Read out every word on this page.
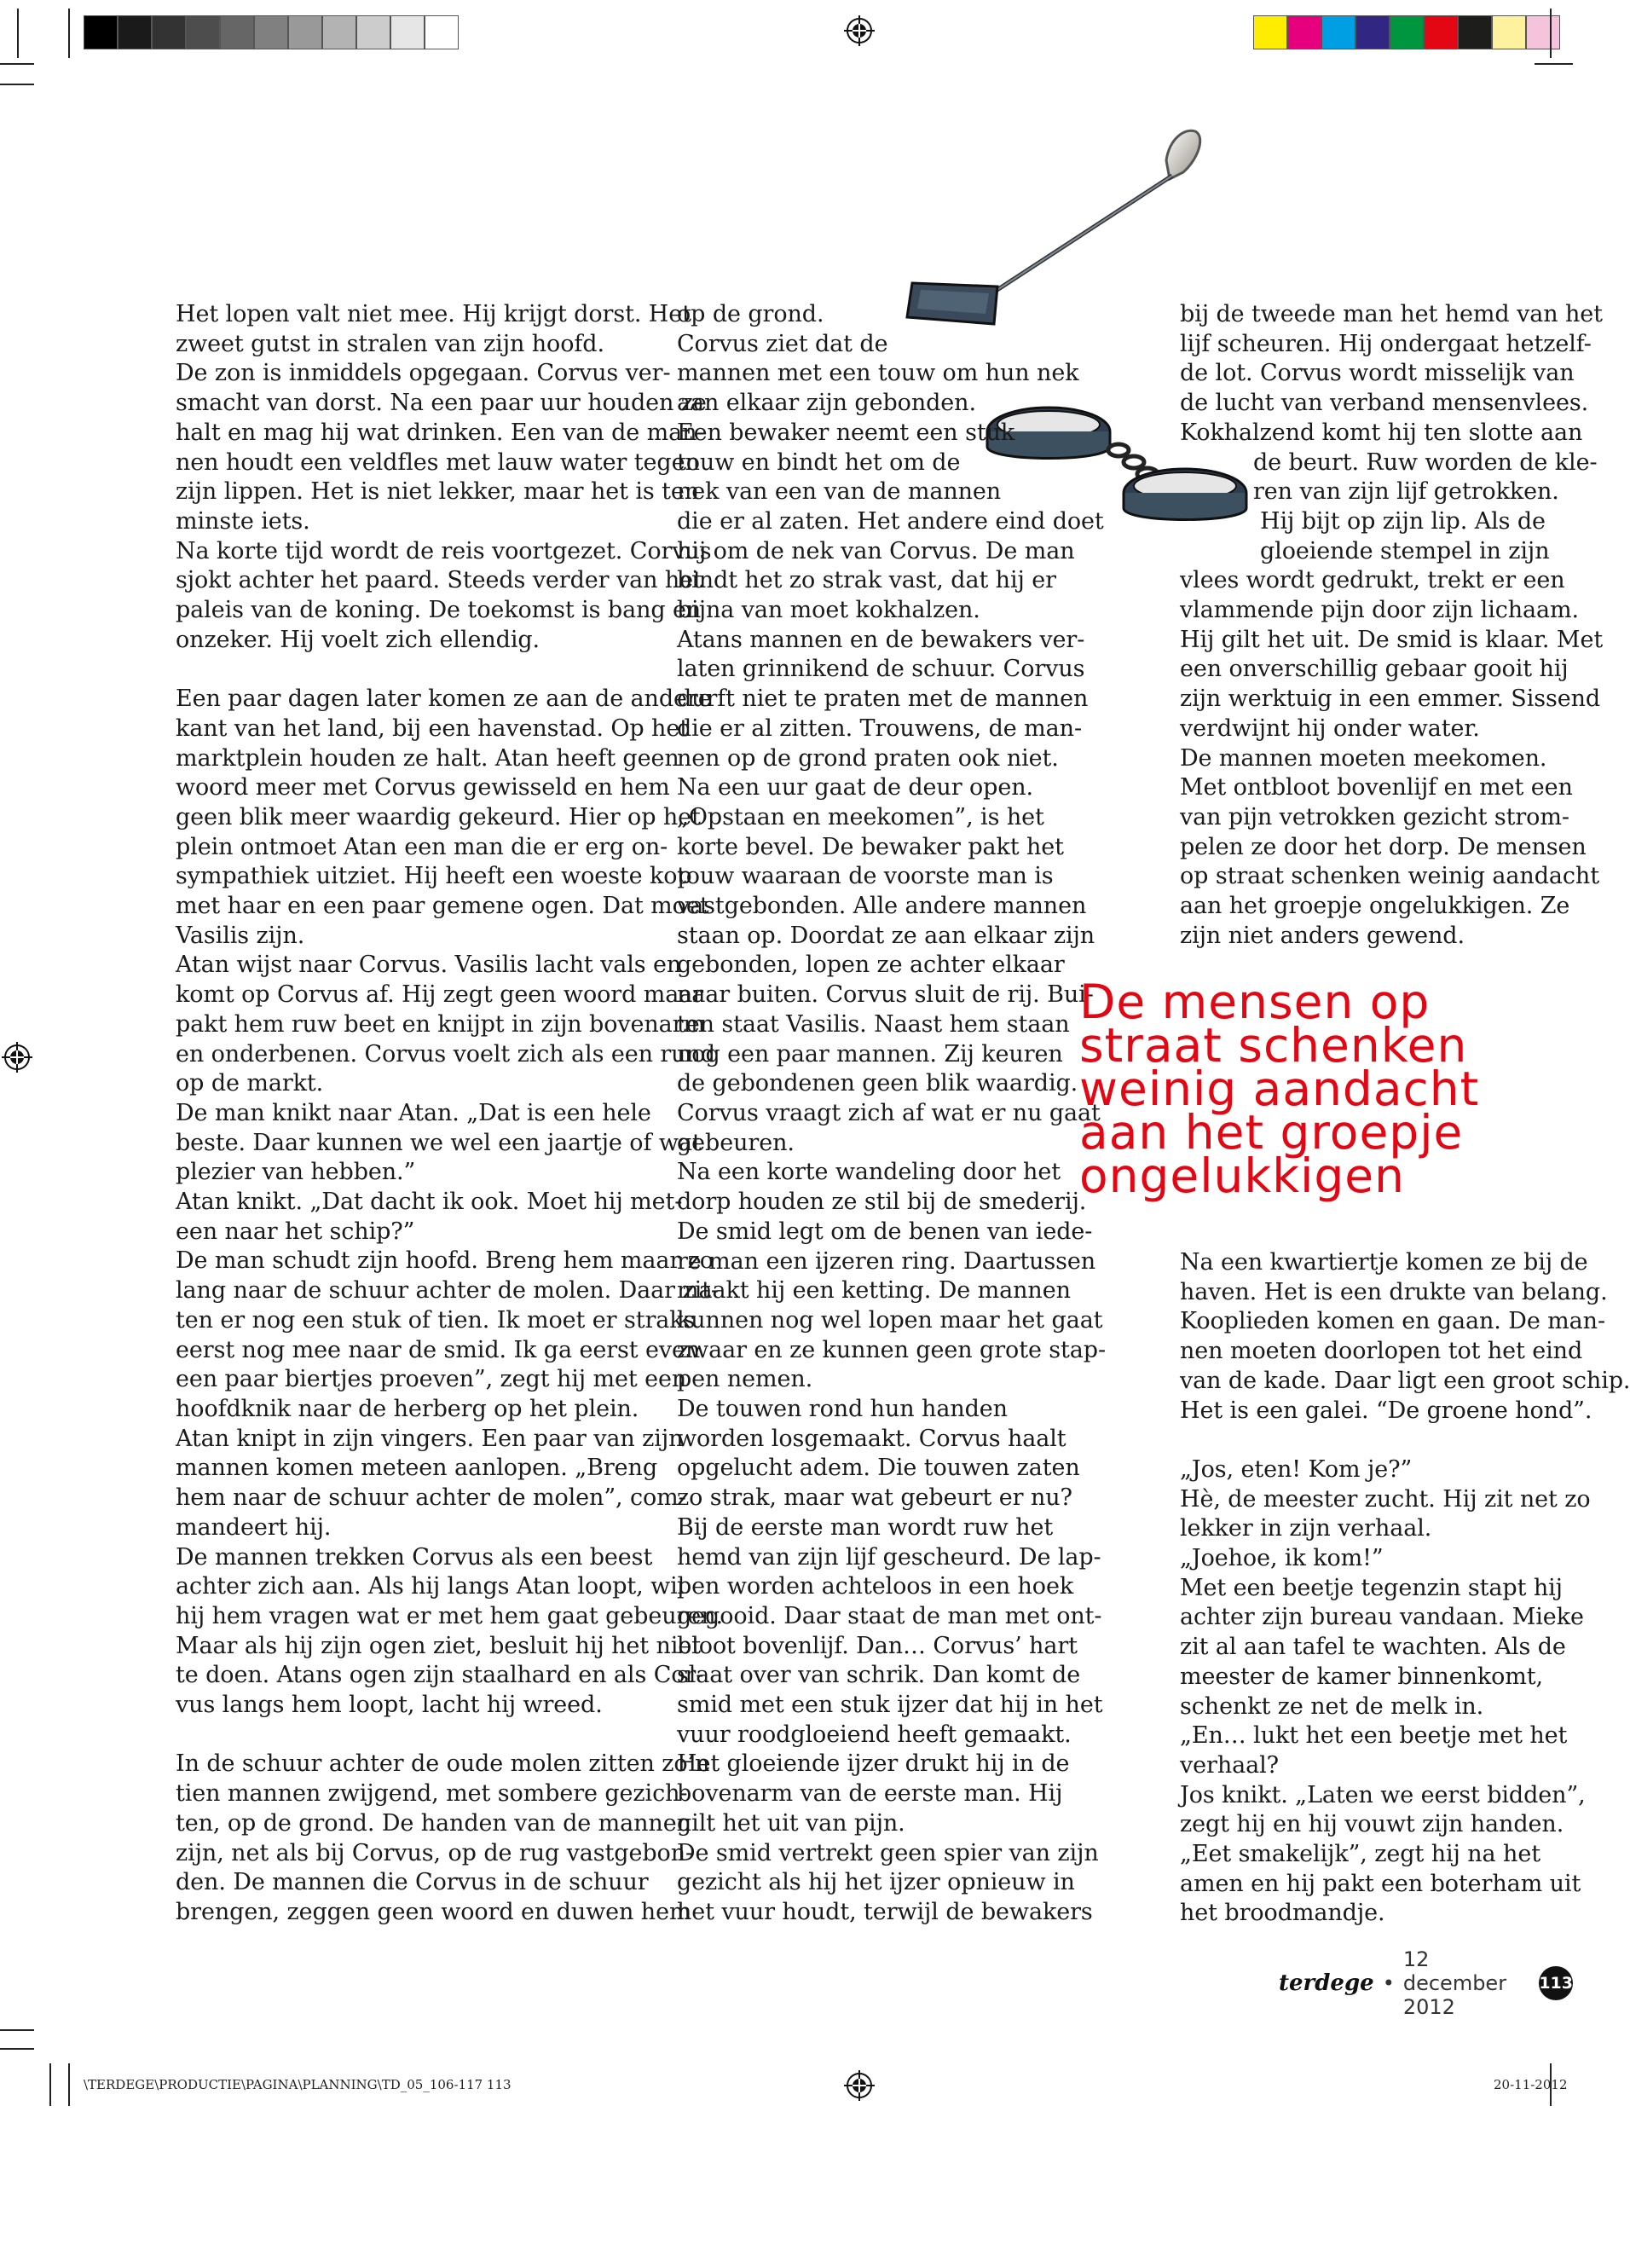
Het lopen valt niet mee. Hij krijgt dorst. Het

zweet gutst in stralen van zijn hoofd.

De zon is inmiddels opgegaan. Corvus ver-

smacht van dorst. Na een paar uur houden ze

halt en mag hij wat drinken. Een van de man-

nen houdt een veldfles met lauw water tegen

zijn lippen. Het is niet lekker, maar het is ten

minste iets.

Na korte tijd wordt de reis voortgezet. Corvus

sjokt achter het paard. Steeds verder van het

paleis van de koning. De toekomst is bang en

onzeker. Hij voelt zich ellendig.

Een paar dagen later komen ze aan de andere

kant van het land, bij een havenstad. Op het

marktplein houden ze halt. Atan heeft geen

woord meer met Corvus gewisseld en hem

geen blik meer waardig gekeurd. Hier op het

plein ontmoet Atan een man die er erg on-

sympathiek uitziet. Hij heeft een woeste kop

met haar en een paar gemene ogen. Dat moet

Vasilis zijn.

Atan wijst naar Corvus. Vasilis lacht vals en

komt op Corvus af. Hij zegt geen woord maar

pakt hem ruw beet en knijpt in zijn bovenarm

en onderbenen. Corvus voelt zich als een rund

op de markt.

De man knikt naar Atan. „Dat is een hele

beste. Daar kunnen we wel een jaartje of wat

plezier van hebben.”

Atan knikt. „Dat dacht ik ook. Moet hij met-

een naar het schip?”

De man schudt zijn hoofd. Breng hem maar zo

lang naar de schuur achter de molen. Daar zit-

ten er nog een stuk of tien. Ik moet er straks

eerst nog mee naar de smid. Ik ga eerst even

een paar biertjes proeven”, zegt hij met een

hoofdknik naar de herberg op het plein.

Atan knipt in zijn vingers. Een paar van zijn

mannen komen meteen aanlopen. „Breng

hem naar de schuur achter de molen”, com-

mandeert hij.

De mannen trekken Corvus als een beest

achter zich aan. Als hij langs Atan loopt, wil

hij hem vragen wat er met hem gaat gebeuren.

Maar als hij zijn ogen ziet, besluit hij het niet

te doen. Atans ogen zijn staalhard en als Cor-

vus langs hem loopt, lacht hij wreed.

In de schuur achter de oude molen zitten zo’n

tien mannen zwijgend, met sombere gezich-

ten, op de grond. De handen van de mannen

zijn, net als bij Corvus, op de rug vastgebon-

den. De mannen die Corvus in de schuur

brengen, zeggen geen woord en duwen hem

op de grond.

Corvus ziet dat de

mannen met een touw om hun nek

aan elkaar zijn gebonden.

Een bewaker neemt een stuk

touw en bindt het om de

nek van een van de mannen

die er al zaten. Het andere eind doet

hij om de nek van Corvus. De man

bindt het zo strak vast, dat hij er

bijna van moet kokhalzen.

Atans mannen en de bewakers ver-

laten grinnikend de schuur. Corvus

durft niet te praten met de mannen

die er al zitten. Trouwens, de man-

nen op de grond praten ook niet.

Na een uur gaat de deur open.

„Opstaan en meekomen”, is het

korte bevel. De bewaker pakt het

touw waaraan de voorste man is

vastgebonden. Alle andere mannen

staan op. Doordat ze aan elkaar zijn

gebonden, lopen ze achter elkaar

naar buiten. Corvus sluit de rij. Bui-

ten staat Vasilis. Naast hem staan

nog een paar mannen. Zij keuren

de gebondenen geen blik waardig.

Corvus vraagt zich af wat er nu gaat

gebeuren.

Na een korte wandeling door het

dorp houden ze stil bij de smederij.

De smid legt om de benen van iede-

re man een ijzeren ring. Daartussen

maakt hij een ketting. De mannen

kunnen nog wel lopen maar het gaat

zwaar en ze kunnen geen grote stap-

pen nemen.

De touwen rond hun handen

worden losgemaakt. Corvus haalt

opgelucht adem. Die touwen zaten

zo strak, maar wat gebeurt er nu?

Bij de eerste man wordt ruw het

hemd van zijn lijf gescheurd. De lap-

pen worden achteloos in een hoek

gegooid. Daar staat de man met ont-

bloot bovenlijf. Dan… Corvus’ hart

slaat over van schrik. Dan komt de

smid met een stuk ijzer dat hij in het

vuur roodgloeiend heeft gemaakt.

Het gloeiende ijzer drukt hij in de

bovenarm van de eerste man. Hij

gilt het uit van pijn.

De smid vertrekt geen spier van zijn

gezicht als hij het ijzer opnieuw in

het vuur houdt, terwijl de bewakers

bij de tweede man het hemd van het

lijf scheuren. Hij ondergaat hetzelf-

de lot. Corvus wordt misselijk van

de lucht van verband mensenvlees.

Kokhalzend komt hij ten slotte aan

de beurt. Ruw worden de kle-

ren van zijn lijf getrokken.

Hij bijt op zijn lip. Als de

gloeiende stempel in zijn

vlees wordt gedrukt, trekt er een

vlammende pijn door zijn lichaam.

Hij gilt het uit. De smid is klaar. Met

een onverschillig gebaar gooit hij

zijn werktuig in een emmer. Sissend

verdwijnt hij onder water.

De mannen moeten meekomen.

Met ontbloot bovenlijf en met een

van pijn vetrokken gezicht strom-

pelen ze door het dorp. De mensen

op straat schenken weinig aandacht

aan het groepje ongelukkigen. Ze

zijn niet anders gewend.

Na een kwartiertje komen ze bij de

haven. Het is een drukte van belang.

Kooplieden komen en gaan. De man-

nen moeten doorlopen tot het eind

van de kade. Daar ligt een groot schip.

Het is een galei. “De groene hond”.

„Jos, eten! Kom je?”

Hè, de meester zucht. Hij zit net zo

lekker in zijn verhaal.

„Joehoe, ik kom!”

Met een beetje tegenzin stapt hij

achter zijn bureau vandaan. Mieke

zit al aan tafel te wachten. Als de

meester de kamer binnenkomt,

schenkt ze net de melk in.

„En… lukt het een beetje met het

verhaal?

Jos knikt. „Laten we eerst bidden”,

zegt hij en hij vouwt zijn handen.

„Eet smakelijk”, zegt hij na het

amen en hij pakt een boterham uit

het broodmandje.

De mensen op

straat schenken

weinig aandacht

aan het groepje

ongelukkigen

terdege •
12 december 2012
113
\TERDEGE\PRODUCTIE\PAGINA\PLANNING\TD_05_106-117 113	20-11-2012
